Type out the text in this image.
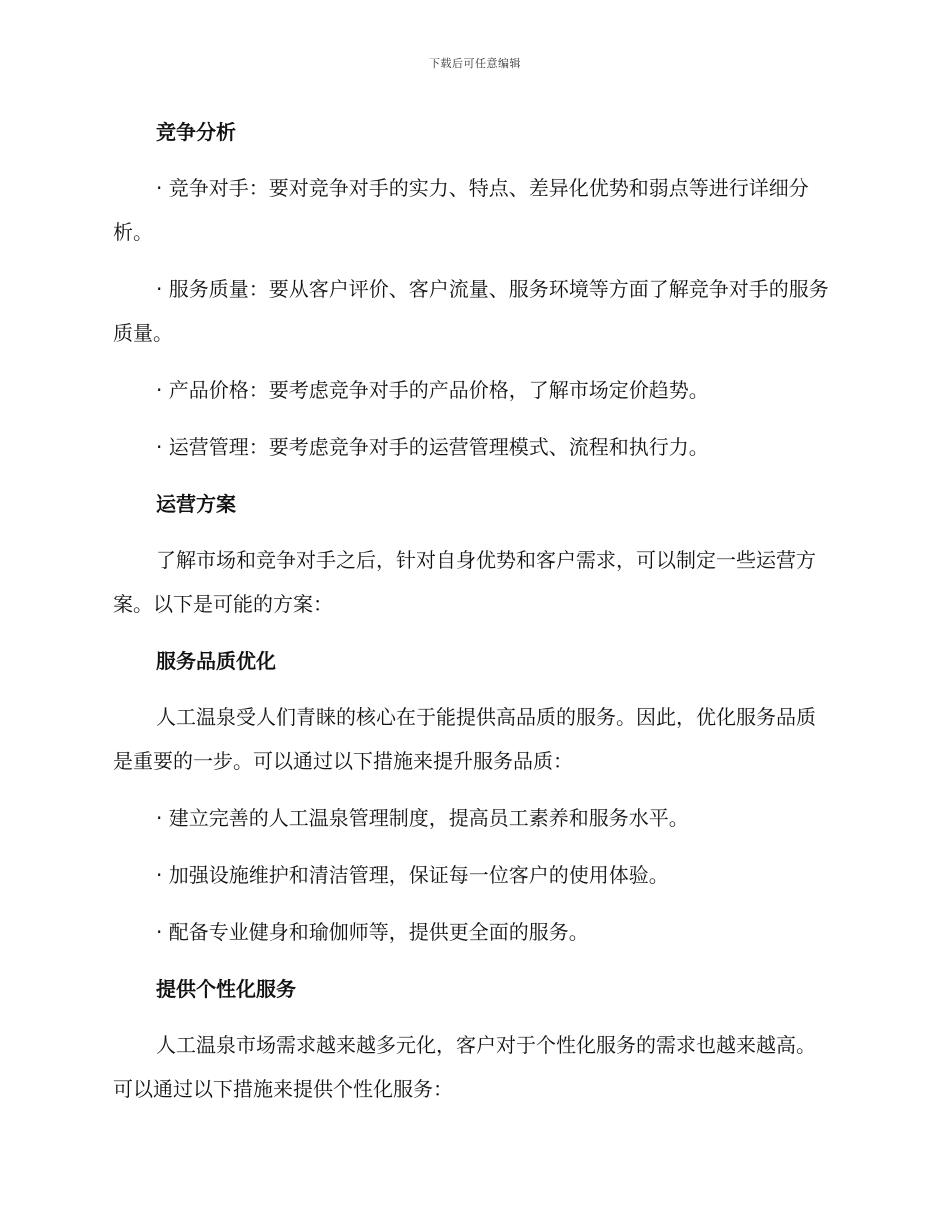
下载后可任意编辑
竞争分析
· 竞争对手：要对竞争对手的实力、特点、差异化优势和弱点等进行详细分析。
· 服务质量：要从客户评价、客户流量、服务环境等方面了解竞争对手的服务质量。
· 产品价格：要考虑竞争对手的产品价格，了解市场定价趋势。
· 运营管理：要考虑竞争对手的运营管理模式、流程和执行力。
运营方案
了解市场和竞争对手之后，针对自身优势和客户需求，可以制定一些运营方案。以下是可能的方案：
服务品质优化
人工温泉受人们青睐的核心在于能提供高品质的服务。因此，优化服务品质是重要的一步。可以通过以下措施来提升服务品质：
· 建立完善的人工温泉管理制度，提高员工素养和服务水平。
· 加强设施维护和清洁管理，保证每一位客户的使用体验。
· 配备专业健身和瑜伽师等，提供更全面的服务。
提供个性化服务
人工温泉市场需求越来越多元化，客户对于个性化服务的需求也越来越高。可以通过以下措施来提供个性化服务：
